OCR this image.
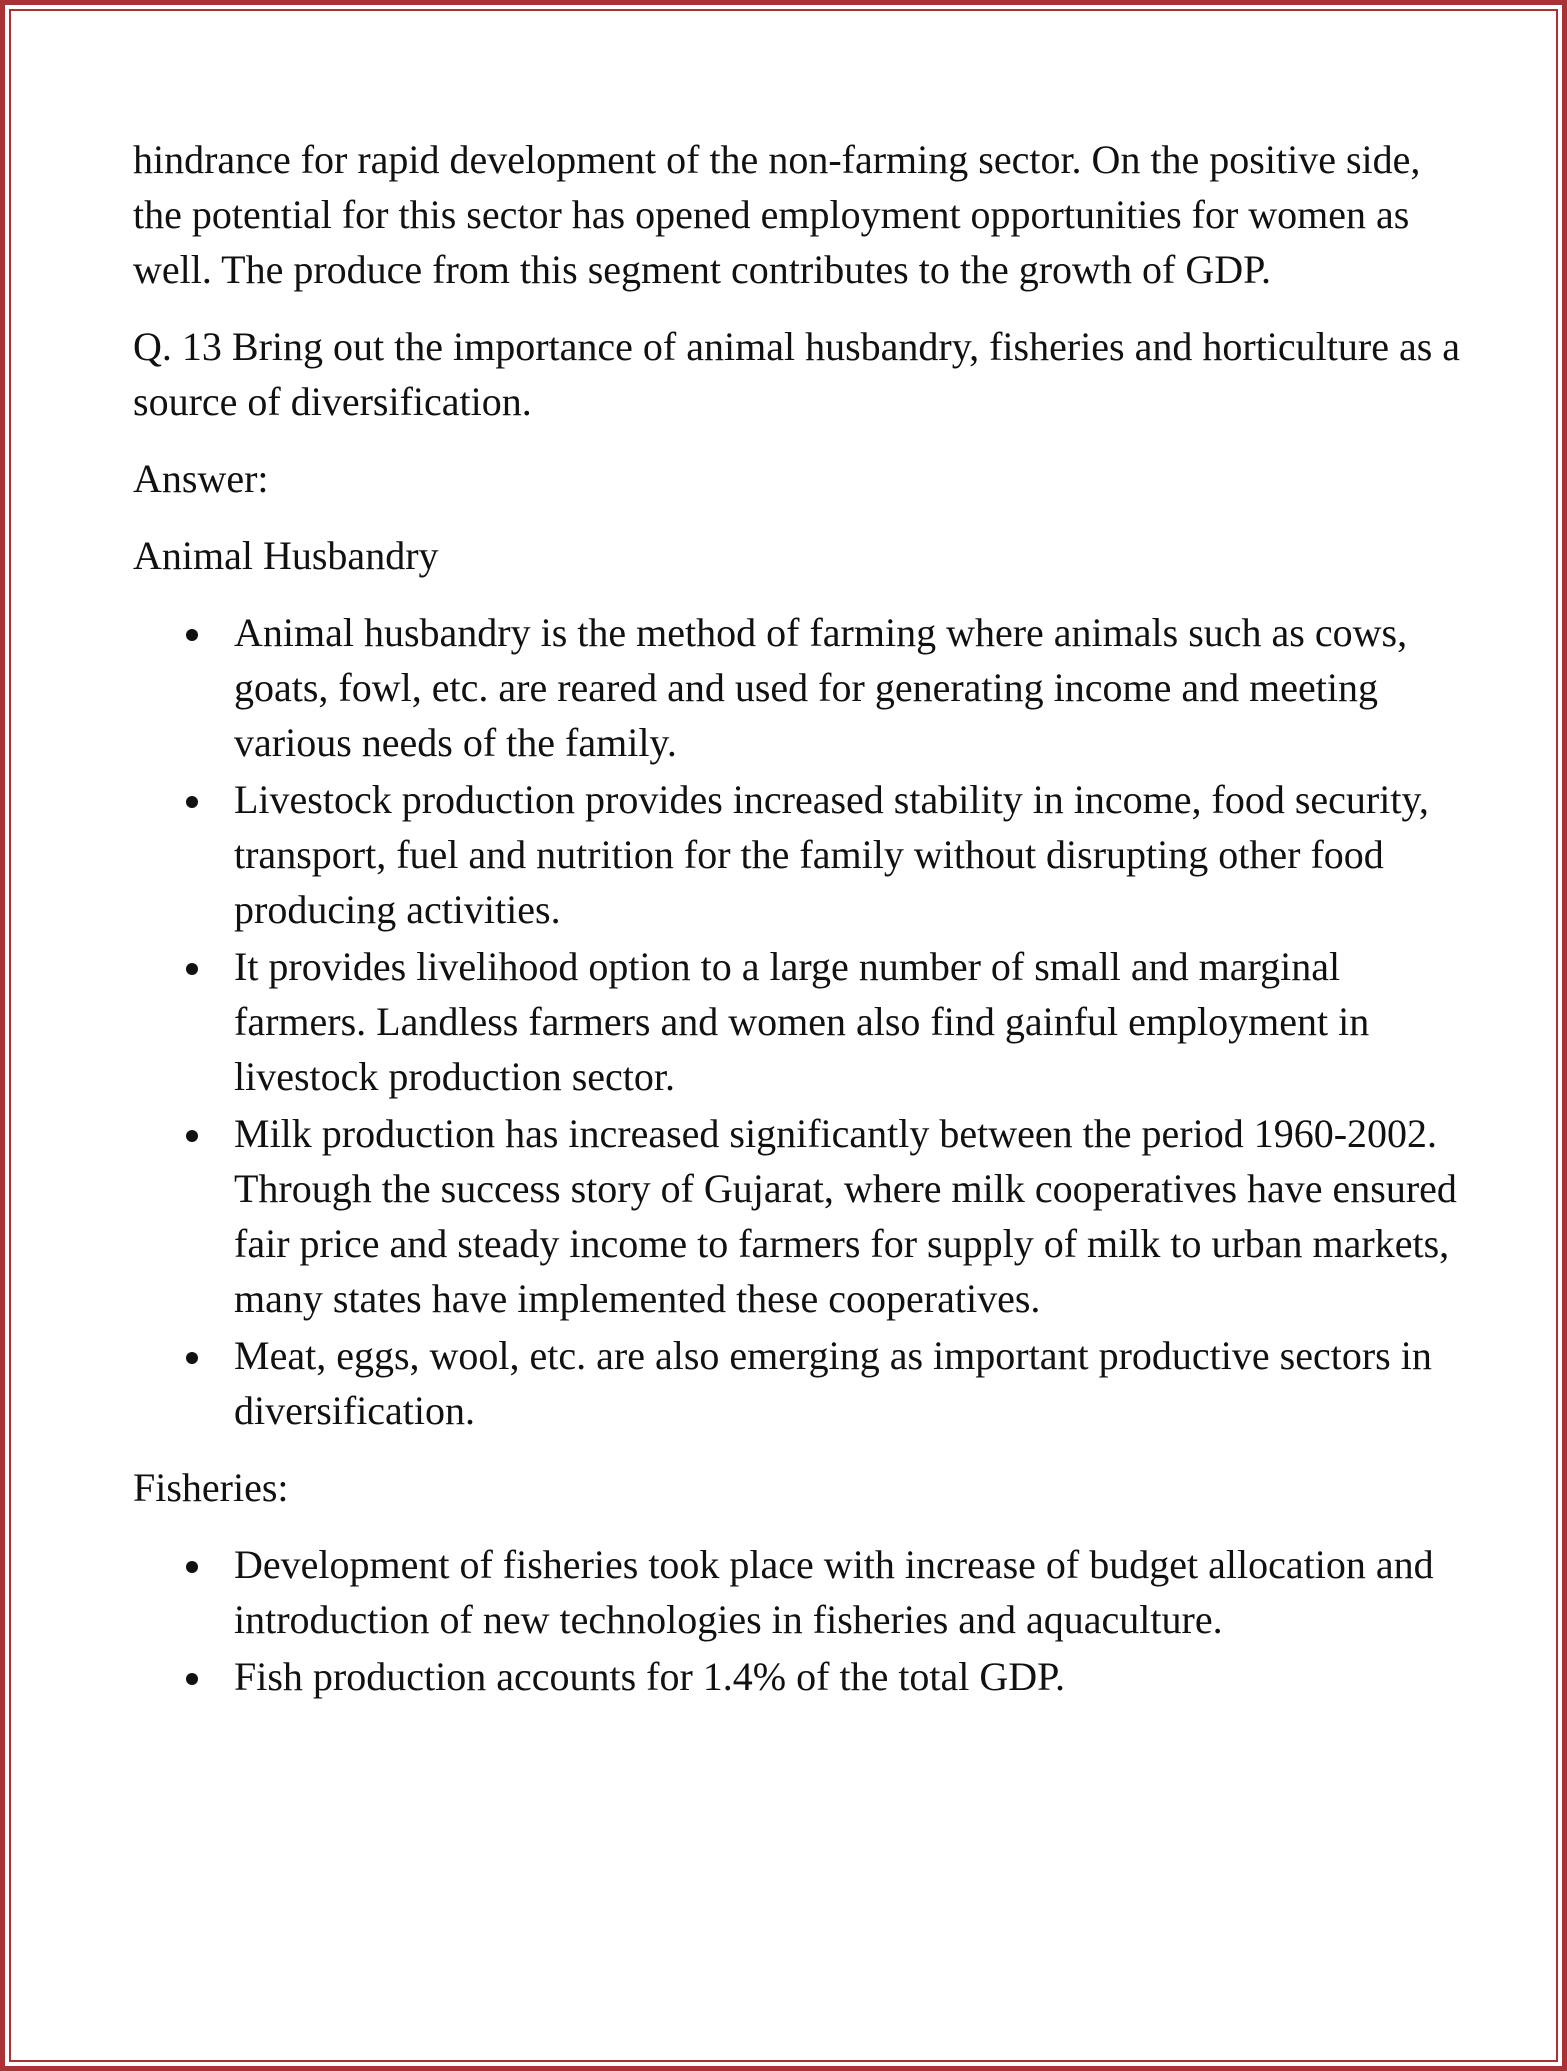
hindrance for rapid development of the non-farming sector. On the positive side, the potential for this sector has opened employment opportunities for women as well. The produce from this segment contributes to the growth of GDP.

Q. 13 Bring out the importance of animal husbandry, fisheries and horticulture as a source of diversification.

Answer:

Animal Husbandry

Animal husbandry is the method of farming where animals such as cows, goats, fowl, etc. are reared and used for generating income and meeting various needs of the family.
Livestock production provides increased stability in income, food security, transport, fuel and nutrition for the family without disrupting other food producing activities.
It provides livelihood option to a large number of small and marginal farmers. Landless farmers and women also find gainful employment in livestock production sector.
Milk production has increased significantly between the period 1960-2002. Through the success story of Gujarat, where milk cooperatives have ensured fair price and steady income to farmers for supply of milk to urban markets, many states have implemented these cooperatives.
Meat, eggs, wool, etc. are also emerging as important productive sectors in diversification.

Fisheries:

Development of fisheries took place with increase of budget allocation and introduction of new technologies in fisheries and aquaculture.
Fish production accounts for 1.4% of the total GDP.
